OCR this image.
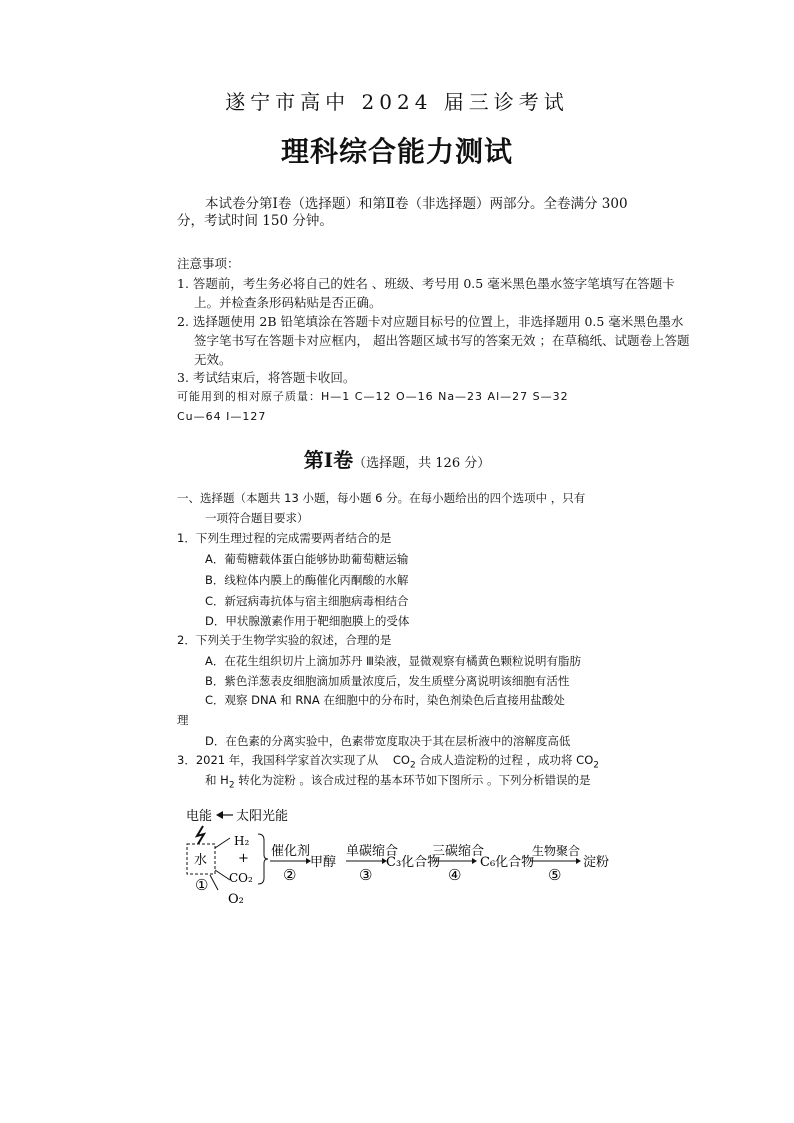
遂宁市高中 2024 届三诊考试
理科综合能力测试
本试卷分第Ⅰ卷（选择题）和第Ⅱ卷（非选择题）两部分。全卷满分 300
分，考试时间 150 分钟。
注意事项：
1. 答题前，考生务必将自己的姓名 、班级、考号用 0.5 毫米黑色墨水签字笔填写在答题卡
上。并检查条形码粘贴是否正确。
2. 选择题使用 2B 铅笔填涂在答题卡对应题目标号的位置上，非选择题用 0.5 毫米黑色墨水
签字笔书写在答题卡对应框内， 超出答题区域书写的答案无效 ；在草稿纸、试题卷上答题
无效。
3. 考试结束后，将答题卡收回。
可能用到的相对原子质量：H—1 C—12 O—16 Na—23 Al—27 S—32
Cu—64 I—127
第Ⅰ卷（选择题，共 126 分）
一、选择题（本题共 13 小题，每小题 6 分。在每小题给出的四个选项中 ，只有
一项符合题目要求）
1．下列生理过程的完成需要两者结合的是
A．葡萄糖载体蛋白能够协助葡萄糖运输
B．线粒体内膜上的酶催化丙酮酸的水解
C．新冠病毒抗体与宿主细胞病毒相结合
D．甲状腺激素作用于靶细胞膜上的受体
2．下列关于生物学实验的叙述，合理的是
A．在花生组织切片上滴加苏丹 Ⅲ染液，显微观察有橘黄色颗粒说明有脂肪
B．紫色洋葱表皮细胞滴加质量浓度后，发生质壁分离说明该细胞有活性
C．观察 DNA 和 RNA 在细胞中的分布时，染色剂染色后直接用盐酸处
理
D．在色素的分离实验中，色素带宽度取决于其在层析液中的溶解度高低
3．2021 年，我国科学家首次实现了从 $CO_2$ 合成人造淀粉的过程 ，成功将 $CO_2$
和 $H_2$ 转化为淀粉 。该合成过程的基本环节如下图所示 。下列分析错误的是
电能 太阳光能
水
H₂
+
CO₂
①
O₂
催化剂
②
甲醇
单碳缩合
③
C₃化合物
三碳缩合
④
C₆化合物
生物聚合
⑤
淀粉
